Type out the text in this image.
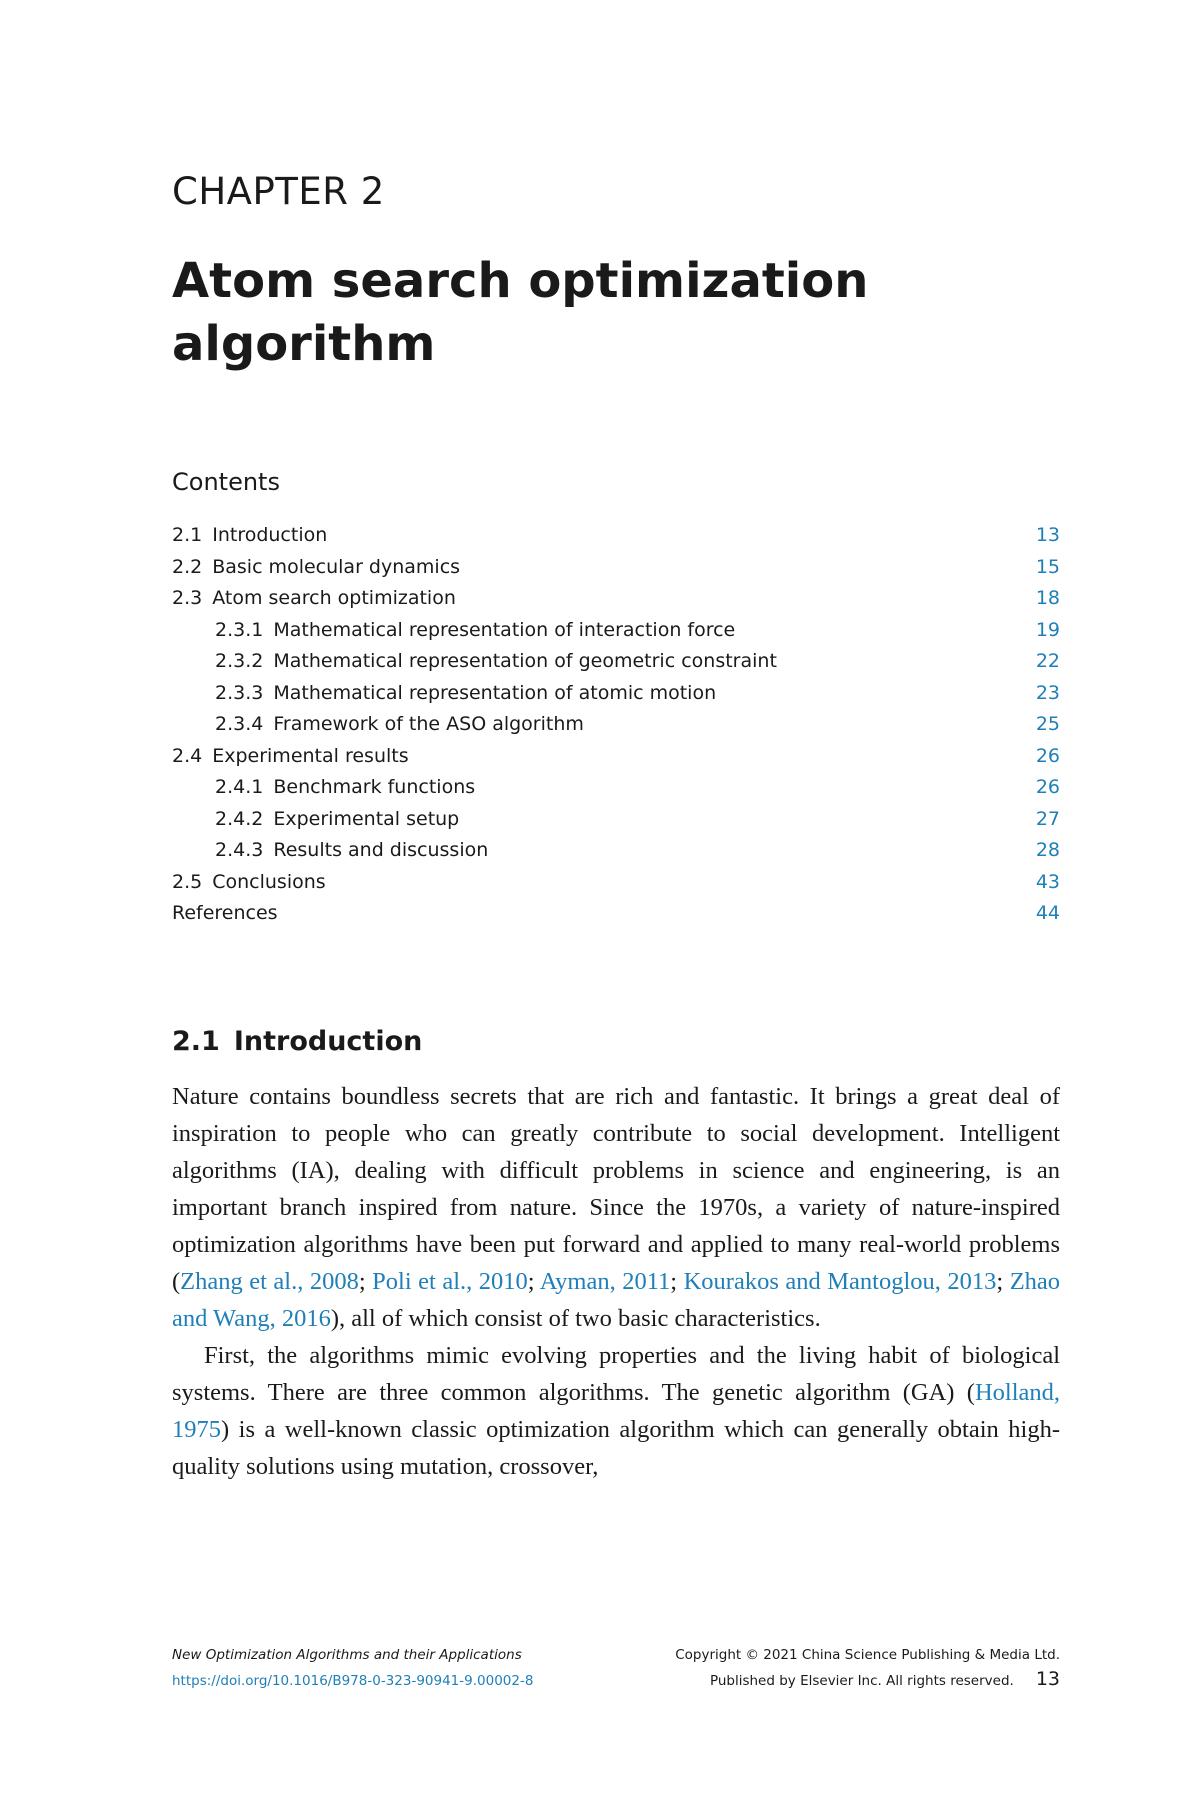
CHAPTER 2
Atom search optimization algorithm
Contents
2.1 Introduction	13
2.2 Basic molecular dynamics	15
2.3 Atom search optimization	18
2.3.1 Mathematical representation of interaction force	19
2.3.2 Mathematical representation of geometric constraint	22
2.3.3 Mathematical representation of atomic motion	23
2.3.4 Framework of the ASO algorithm	25
2.4 Experimental results	26
2.4.1 Benchmark functions	26
2.4.2 Experimental setup	27
2.4.3 Results and discussion	28
2.5 Conclusions	43
References	44
2.1 Introduction

Nature contains boundless secrets that are rich and fantastic. It brings a great deal of inspiration to people who can greatly contribute to social development. Intelligent algorithms (IA), dealing with difficult problems in science and engineering, is an important branch inspired from nature. Since the 1970s, a variety of nature-inspired optimization algorithms have been put forward and applied to many real-world problems (Zhang et al., 2008; Poli et al., 2010; Ayman, 2011; Kourakos and Mantoglou, 2013; Zhao and Wang, 2016), all of which consist of two basic characteristics.

First, the algorithms mimic evolving properties and the living habit of biological systems. There are three common algorithms. The genetic algorithm (GA) (Holland, 1975) is a well-known classic optimization algorithm which can generally obtain high-quality solutions using mutation, crossover,

New Optimization Algorithms and their Applications	Copyright © 2021 China Science Publishing & Media Ltd.
https://doi.org/10.1016/B978-0-323-90941-9.00002-8	Published by Elsevier Inc. All rights reserved. 13
